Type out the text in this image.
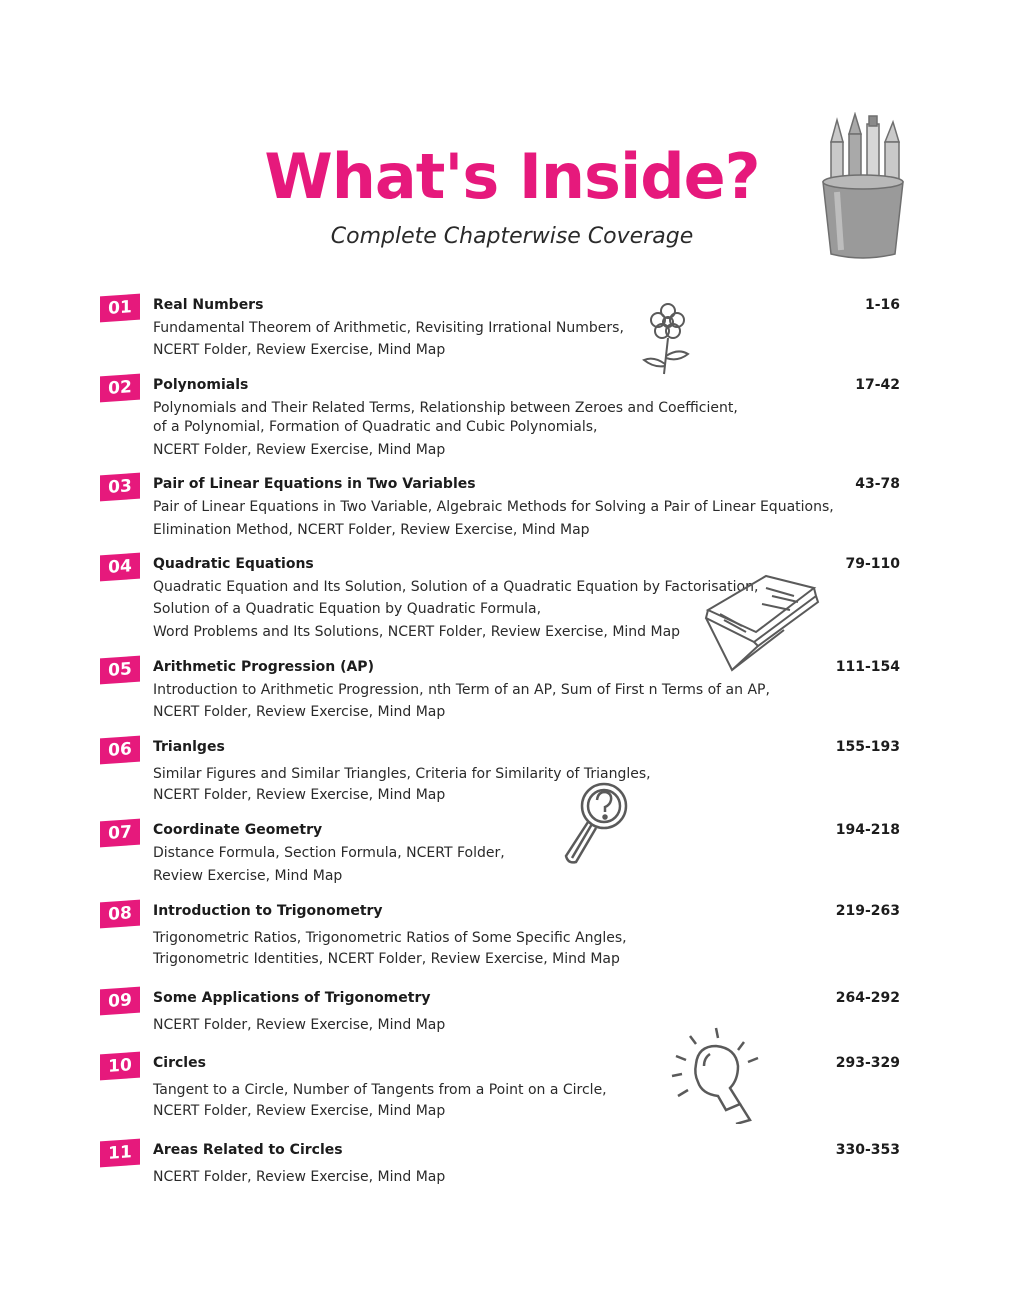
What's Inside?
Complete Chapterwise Coverage
01	Real Numbers	1-16
Fundamental Theorem of Arithmetic, Revisiting Irrational Numbers,
NCERT Folder, Review Exercise, Mind Map
02	Polynomials	17-42
Polynomials and Their Related Terms, Relationship between Zeroes and Coefficient,
of a Polynomial, Formation of Quadratic and Cubic Polynomials,
NCERT Folder, Review Exercise, Mind Map
03	Pair of Linear Equations in Two Variables	43-78
Pair of Linear Equations in Two Variable, Algebraic Methods for Solving a Pair of Linear Equations,
Elimination Method, NCERT Folder, Review Exercise, Mind Map
04	Quadratic Equations	79-110
Quadratic Equation and Its Solution, Solution of a Quadratic Equation by Factorisation,
Solution of a Quadratic Equation by Quadratic Formula,
Word Problems and Its Solutions, NCERT Folder, Review Exercise, Mind Map
05	Arithmetic Progression (AP)	111-154
Introduction to Arithmetic Progression, nth Term of an AP, Sum of First n Terms of an AP,
NCERT Folder, Review Exercise, Mind Map
06	Trianlges	155-193
Similar Figures and Similar Triangles, Criteria for Similarity of Triangles,
NCERT Folder, Review Exercise, Mind Map
07	Coordinate Geometry	194-218
Distance Formula, Section Formula, NCERT Folder,
Review Exercise, Mind Map
08	Introduction to Trigonometry	219-263
Trigonometric Ratios, Trigonometric Ratios of Some Specific Angles,
Trigonometric Identities, NCERT Folder, Review Exercise, Mind Map
09	Some Applications of Trigonometry	264-292
NCERT Folder, Review Exercise, Mind Map
10	Circles	293-329
Tangent to a Circle, Number of Tangents from a Point on a Circle,
NCERT Folder, Review Exercise, Mind Map
11	Areas Related to Circles	330-353
NCERT Folder, Review Exercise, Mind Map
